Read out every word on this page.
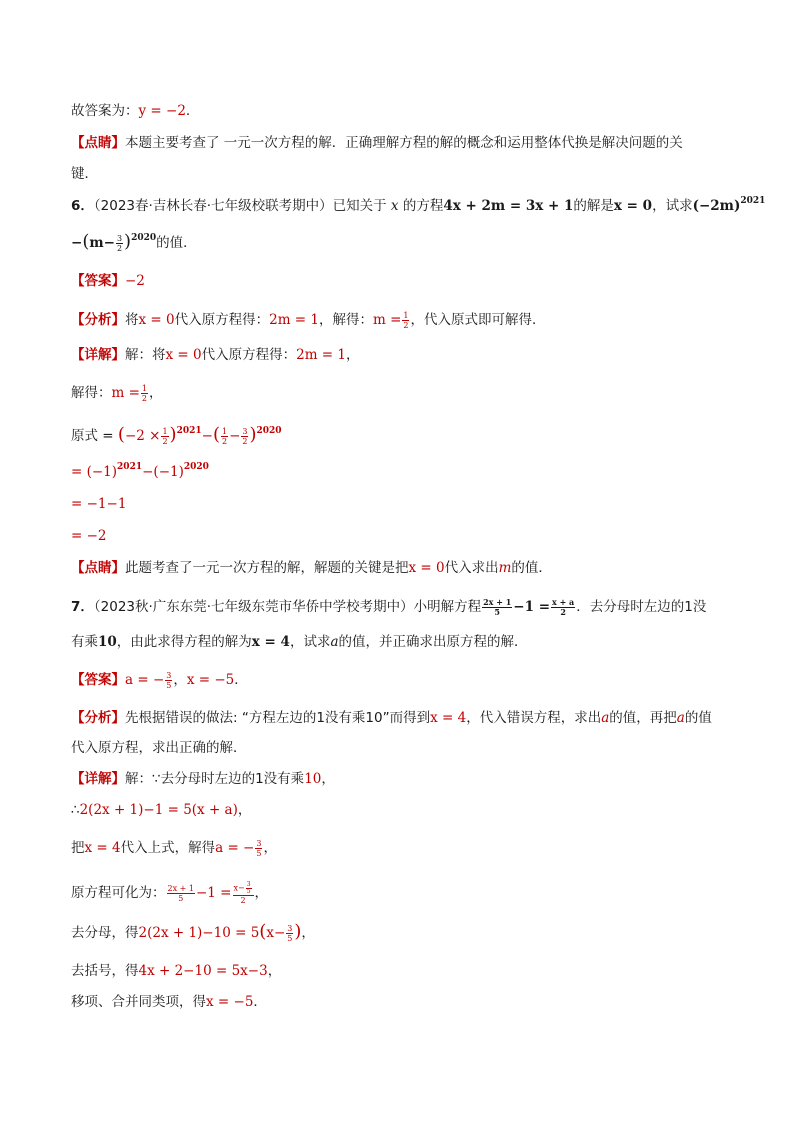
故答案为：y = −2.
【点睛】本题主要考查了 一元一次方程的解．正确理解方程的解的概念和运用整体代换是解决问题的关
键．
6．（2023春·吉林长春·七年级校联考期中）已知关于 x 的方程4x + 2m = 3x + 1的解是x = 0，试求$(-2m)^{2021}$
$-(m- \frac{3}{2} )^{2020}$的值．
【答案】−2
【分析】将x = 0代入原方程得：2m = 1，解得：$m = \frac{1}{2}$ ，代入原式即可解得．
【详解】解：将x = 0代入原方程得：2m = 1，
解得：$m = \frac{1}{2}$ ，
原式 = $(-2 \times \frac{1}{2} )^{2021}-( \frac{1}{2} - \frac{3}{2} )^{2020}$
= $(-1)^{2021}-(-1)^{2020}$
= −1−1
= −2
【点睛】此题考查了一元一次方程的解，解题的关键是把x = 0代入求出m的值．
7．（2023秋·广东东莞·七年级东莞市华侨中学校考期中）小明解方程 $\frac{2x + 1}{5} -1 = \frac{x + a}{2}$ ．去分母时左边的1没
有乘10，由此求得方程的解为x = 4，试求a的值，并正确求出原方程的解．
【答案】a = − $\frac{3}{5}$ ，x = −5．
【分析】先根据错误的做法: “方程左边的1没有乘10”而得到x = 4，代入错误方程，求出a的值，再把a的值
代入原方程，求出正确的解．
【详解】解：∵去分母时左边的1没有乘10，
∴2(2x + 1)−1 = 5(x + a)，
把x = 4代入上式，解得a = − $\frac{3}{5}$ ，
原方程可化为： $\frac{2x + 1}{5} -1 = \frac{x- \frac{3}{5}}{2}$ ，
去分母，得$2(2x + 1)-10 = 5(x- \frac{3}{5}$ )，
去括号，得4x + 2−10 = 5x−3，
移项、合并同类项，得x = −5．
